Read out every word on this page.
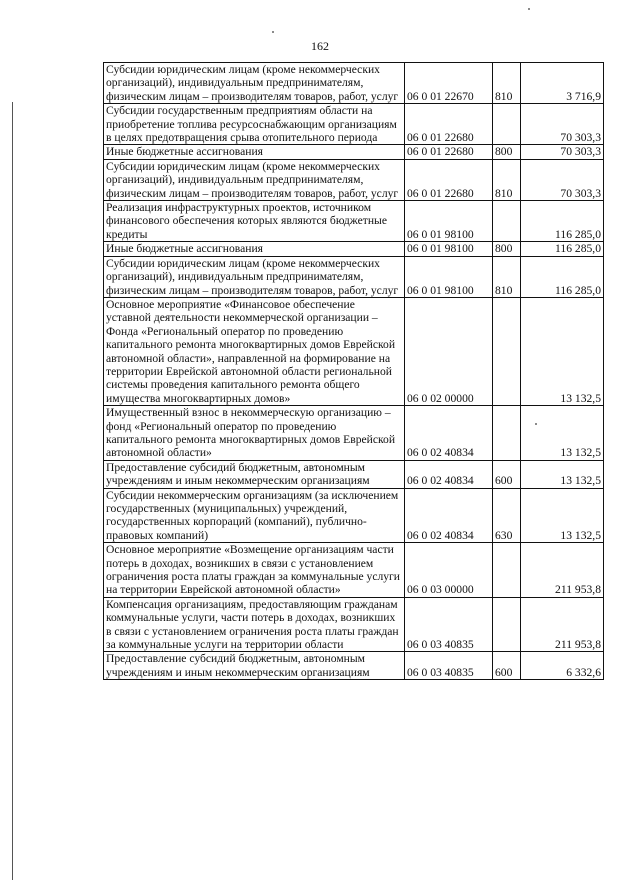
162
Субсидии юридическим лицам (кроме некоммерческих организаций), индивидуальным предпринимателям, физическим лицам – производителям товаров, работ, услуг	06 0 01 22670	810	3 716,9
Субсидии государственным предприятиям области на приобретение топлива ресурсоснабжающим организациям в целях предотвращения срыва отопительного периода	06 0 01 22680		70 303,3
Иные бюджетные ассигнования	06 0 01 22680	800	70 303,3
Субсидии юридическим лицам (кроме некоммерческих организаций), индивидуальным предпринимателям, физическим лицам – производителям товаров, работ, услуг	06 0 01 22680	810	70 303,3
Реализация инфраструктурных проектов, источником финансового обеспечения которых являются бюджетные кредиты	06 0 01 98100		116 285,0
Иные бюджетные ассигнования	06 0 01 98100	800	116 285,0
Субсидии юридическим лицам (кроме некоммерческих организаций), индивидуальным предпринимателям, физическим лицам – производителям товаров, работ, услуг	06 0 01 98100	810	116 285,0
Основное мероприятие «Финансовое обеспечение уставной деятельности некоммерческой организации – Фонда «Региональный оператор по проведению капитального ремонта многоквартирных домов Еврейской автономной области», направленной на формирование на территории Еврейской автономной области региональной системы проведения капитального ремонта общего имущества многоквартирных домов»	06 0 02 00000		13 132,5
Имущественный взнос в некоммерческую организацию – фонд «Региональный оператор по проведению капитального ремонта многоквартирных домов Еврейской автономной области»	06 0 02 40834		13 132,5
Предоставление субсидий бюджетным, автономным учреждениям и иным некоммерческим организациям	06 0 02 40834	600	13 132,5
Субсидии некоммерческим организациям (за исключением государственных (муниципальных) учреждений, государственных корпораций (компаний), публично-правовых компаний)	06 0 02 40834	630	13 132,5
Основное мероприятие «Возмещение организациям части потерь в доходах, возникших в связи с установлением ограничения роста платы граждан за коммунальные услуги на территории Еврейской автономной области»	06 0 03 00000		211 953,8
Компенсация организациям, предоставляющим гражданам коммунальные услуги, части потерь в доходах, возникших в связи с установлением ограничения роста платы граждан за коммунальные услуги на территории области	06 0 03 40835		211 953,8
Предоставление субсидий бюджетным, автономным учреждениям и иным некоммерческим организациям	06 0 03 40835	600	6 332,6
